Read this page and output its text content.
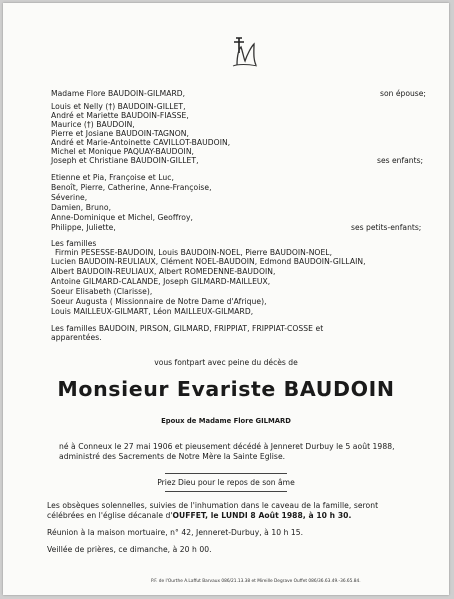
Madame Flore BAUDOIN-GILMARD,
Louis et Nelly (†) BAUDOIN-GILLET,
André et Mariette BAUDOIN-FIASSE,
Maurice (†) BAUDOIN,
Pierre et Josiane BAUDOIN-TAGNON,
André et Marie-Antoinette CAVILLOT-BAUDOIN,
Michel et Monique PAQUAY-BAUDOIN,
Joseph et Christiane BAUDOIN-GILLET,
Etienne et Pia, Françoise et Luc,
Benoît, Pierre, Catherine, Anne-Françoise,
Séverine,
Damien, Bruno,
Anne-Dominique et Michel, Geoffroy,
Philippe, Juliette,
Les familles
Firmin PESESSE-BAUDOIN, Louis BAUDOIN-NOEL, Pierre BAUDOIN-NOEL,
Lucien BAUDOIN-REULIAUX, Clément NOEL-BAUDOIN, Edmond BAUDOIN-GILLAIN,
Albert BAUDOIN-REULIAUX, Albert ROMEDENNE-BAUDOIN,
Antoine GILMARD-CALANDE, Joseph GILMARD-MAILLEUX,
Soeur Elisabeth (Clarisse),
Soeur Augusta ( Missionnaire de Notre Dame d'Afrique),
Louis MAILLEUX-GILMART, Léon MAILLEUX-GILMARD,
Les familles BAUDOIN, PIRSON, GILMARD, FRIPPIAT, FRIPPIAT-COSSE et
apparentées.
son épouse;
ses enfants;
ses petits-enfants;
vous fontpart avec peine du décès de
Monsieur Evariste BAUDOIN
Epoux de Madame Flore GILMARD
né à Conneux le 27 mai 1906 et pieusement décédé à Jenneret Durbuy le 5 août 1988,
administré des Sacrements de Notre Mère la Sainte Eglise.
Priez Dieu pour le repos de son âme
Les obsèques solennelles, suivies de l'inhumation dans le caveau de la famille, seront
célébrées en l'église décanale d'OUFFET, le LUNDI 8 Août 1988, à 10 h 30.
Réunion à la maison mortuaire, n° 42, Jenneret-Durbuy, à 10 h 15.
Veillée de prières, ce dimanche, à 20 h 00.
P.F. de l'Ourthe A.Laffut Barvaux 086/21.13.38 et Mireille Degrave Ouffet 086/36.63.49.-36.65.84.
